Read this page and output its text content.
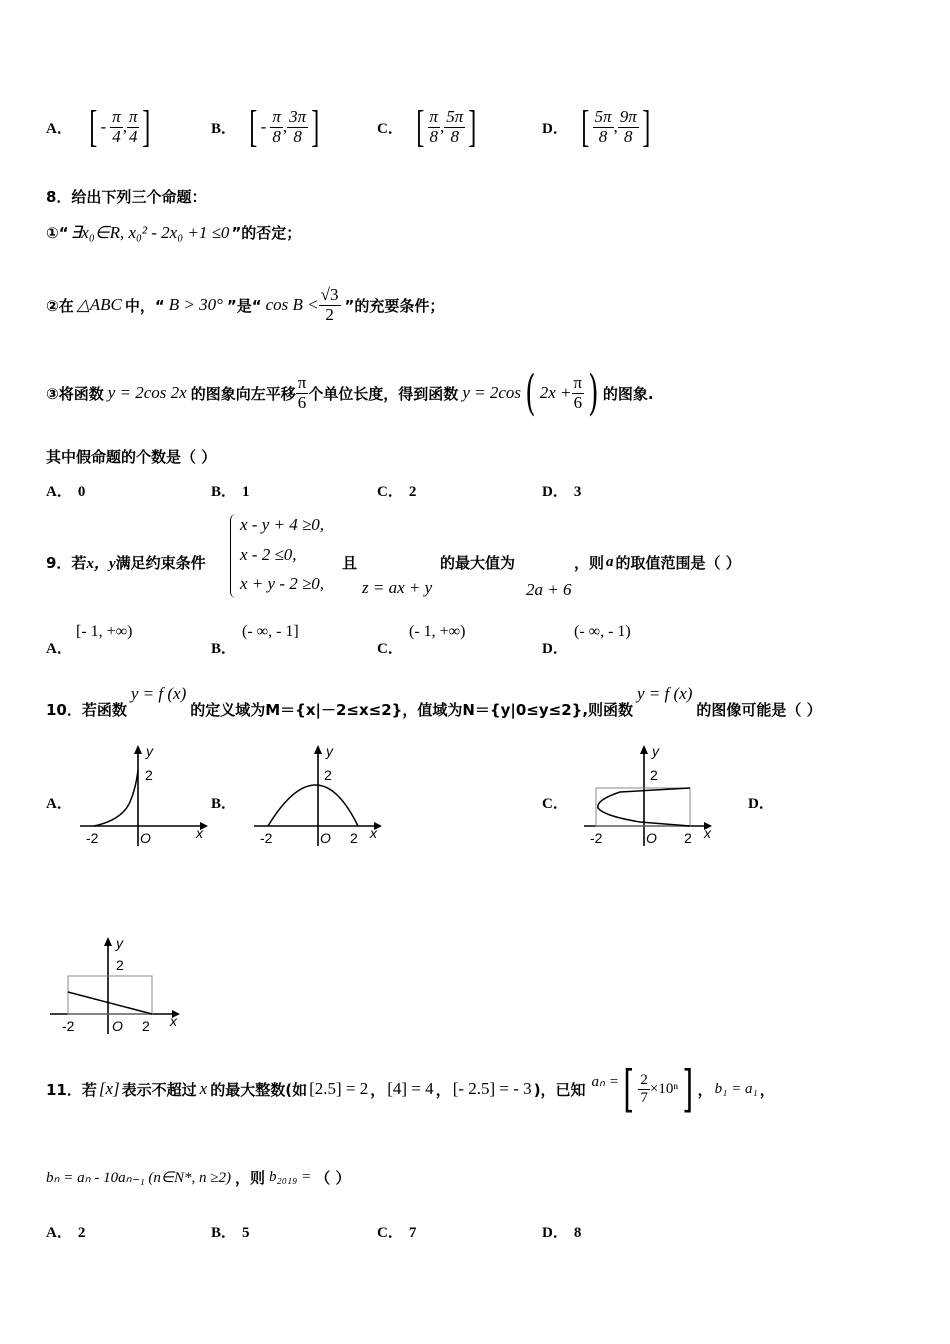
A． [ - $\frac{\pi}{4}$ , $\frac{\pi}{4}$ ]	B． [ - $\frac{\pi}{8}$ , $\frac{3\pi}{8}$ ]	C． [ $\frac{\pi}{8}$ , $\frac{5\pi}{8}$ ]	D． [ $\frac{5\pi}{8}$ , $\frac{9\pi}{8}$ ]
8．给出下列三个命题：
①“ ∃x₀∈R, x₀² - 2x₀ +1 ≤0 ”的否定；
②在 △ABC 中，“ B > 30° ”是“ $\cos B < \frac{√3}{2}$ ”的充要条件；
③将函数 y = 2cos 2x 的图象向左平移 $\frac{\pi}{6}$ 个单位长度，得到函数 y = 2cos ( $2x + \frac{\pi}{6}$ ) 的图象.
其中假命题的个数是（ ）
A． 0	B． 1	C． 2	D． 3
9．若 x，y 满足约束条件
x - y + 4 ≥0,
x - 2 ≤0,
x + y - 2 ≥0,
且
z = ax + y
的最大值为
2a + 6
，则 a 的取值范围是（ ）
A．
[- 1, +∞)
B．
(- ∞, - 1]
C．
(- 1, +∞)
D．
(- ∞, - 1)
10．若函数
y = f (x)
的定义域为M＝{x|－2≤x≤2}，值域为N＝{y|0≤y≤2},则函数
y = f (x)
的图像可能是（ ）
A．
y
2
-2	O	x
B．
y
2
-2	O 2 x
C．
y
2
-2	O 2 x
D．
y
2
-2	O 2 x
11．若 [x] 表示不超过 x 的最大整数(如 [2.5] = 2 ， [4] = 4 ， [- 2.5] = - 3 )，已知 aₙ = [ $\frac{2}{7} \times 10^n$ ] ， b₁ = a₁ ，
bₙ = aₙ - 10aₙ₋₁ (n∈N*, n ≥2) ，则 b₂₀₁₉ = （ ）
A． 2	B． 5	C． 7	D． 8
